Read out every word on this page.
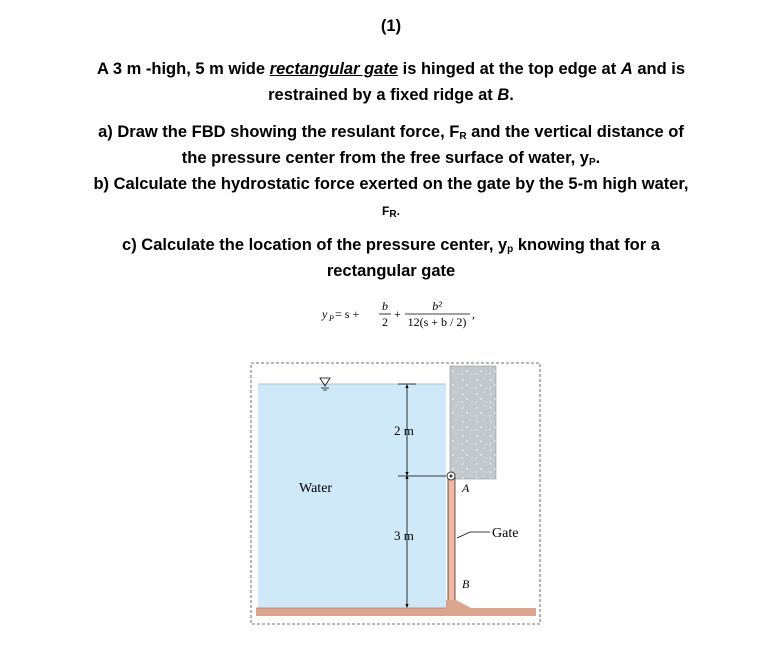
(1)
A 3 m -high, 5 m wide rectangular gate is hinged at the top edge at A and is
restrained by a fixed ridge at B.
a) Draw the FBD showing the resulant force, $F_R$ and the vertical distance of
the pressure center from the free surface of water, $y_P$.
b) Calculate the hydrostatic force exerted on the gate by the 5-m high water,
$F_R$.
c) Calculate the location of the pressure center, $y_p$ knowing that for a
rectangular gate
y P = s +
b
2
+
b²
12(s + b / 2)
,
2 m
3 m
Water	A
B
Gate
